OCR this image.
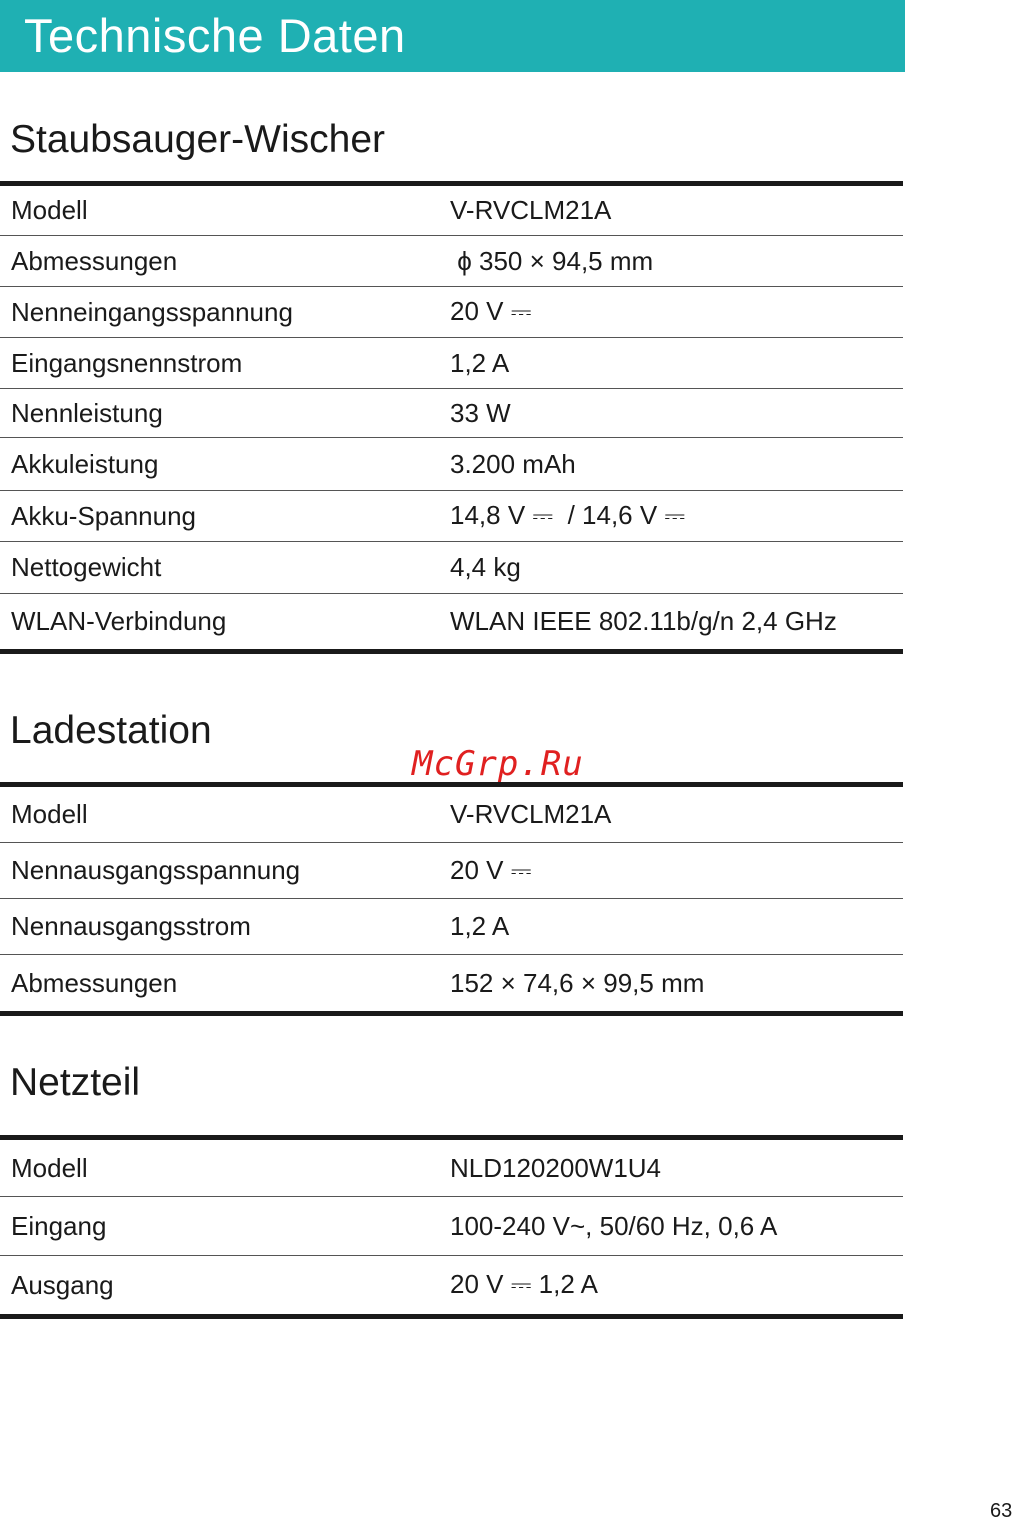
Technische Daten
Staubsauger-Wischer
Modell	V-RVCLM21A
Abmessungen	ϕ 350 × 94,5 mm
Nenneingangsspannung	20 V ⎓
Eingangsnennstrom	1,2 A
Nennleistung	33 W
Akkuleistung	3.200 mAh
Akku-Spannung	14,8 V ⎓  / 14,6 V ⎓
Nettogewicht	4,4 kg
WLAN-Verbindung	WLAN IEEE 802.11b/g/n 2,4 GHz
Ladestation
Modell	V-RVCLM21A
Nennausgangsspannung	20 V ⎓
Nennausgangsstrom	1,2 A
Abmessungen	152 × 74,6 × 99,5 mm
Netzteil
Modell	NLD120200W1U4
Eingang	100-240 V~, 50/60 Hz, 0,6 A
Ausgang	20 V ⎓ 1,2 A
McGrp.Ru
63
